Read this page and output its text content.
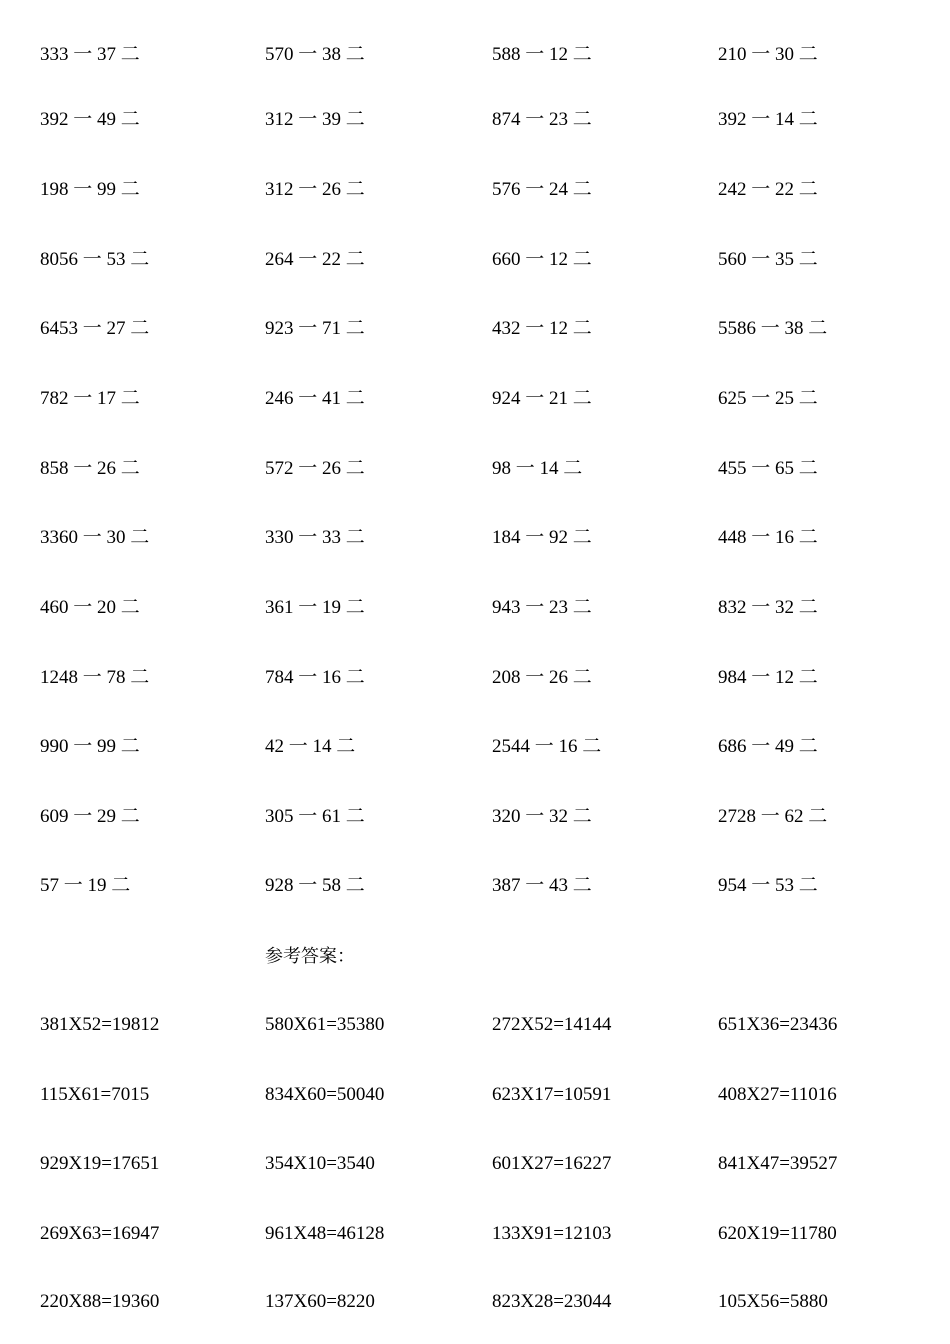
333 一 37 二	570 一 38 二	588 一 12 二	210 一 30 二
392 一 49 二	312 一 39 二	874 一 23 二	392 一 14 二
198 一 99 二	312 一 26 二	576 一 24 二	242 一 22 二
8056 一 53 二	264 一 22 二	660 一 12 二	560 一 35 二
6453 一 27 二	923 一 71 二	432 一 12 二	5586 一 38 二
782 一 17 二	246 一 41 二	924 一 21 二	625 一 25 二
858 一 26 二	572 一 26 二	98 一 14 二	455 一 65 二
3360 一 30 二	330 一 33 二	184 一 92 二	448 一 16 二
460 一 20 二	361 一 19 二	943 一 23 二	832 一 32 二
1248 一 78 二	784 一 16 二	208 一 26 二	984 一 12 二
990 一 99 二	42 一 14 二	2544 一 16 二	686 一 49 二
609 一 29 二	305 一 61 二	320 一 32 二	2728 一 62 二
57 一 19 二	928 一 58 二	387 一 43 二	954 一 53 二
参考答案：
381X52=19812	580X61=35380	272X52=14144	651X36=23436
115X61=7015	834X60=50040	623X17=10591	408X27=11016
929X19=17651	354X10=3540	601X27=16227	841X47=39527
269X63=16947	961X48=46128	133X91=12103	620X19=11780
220X88=19360	137X60=8220	823X28=23044	105X56=5880
